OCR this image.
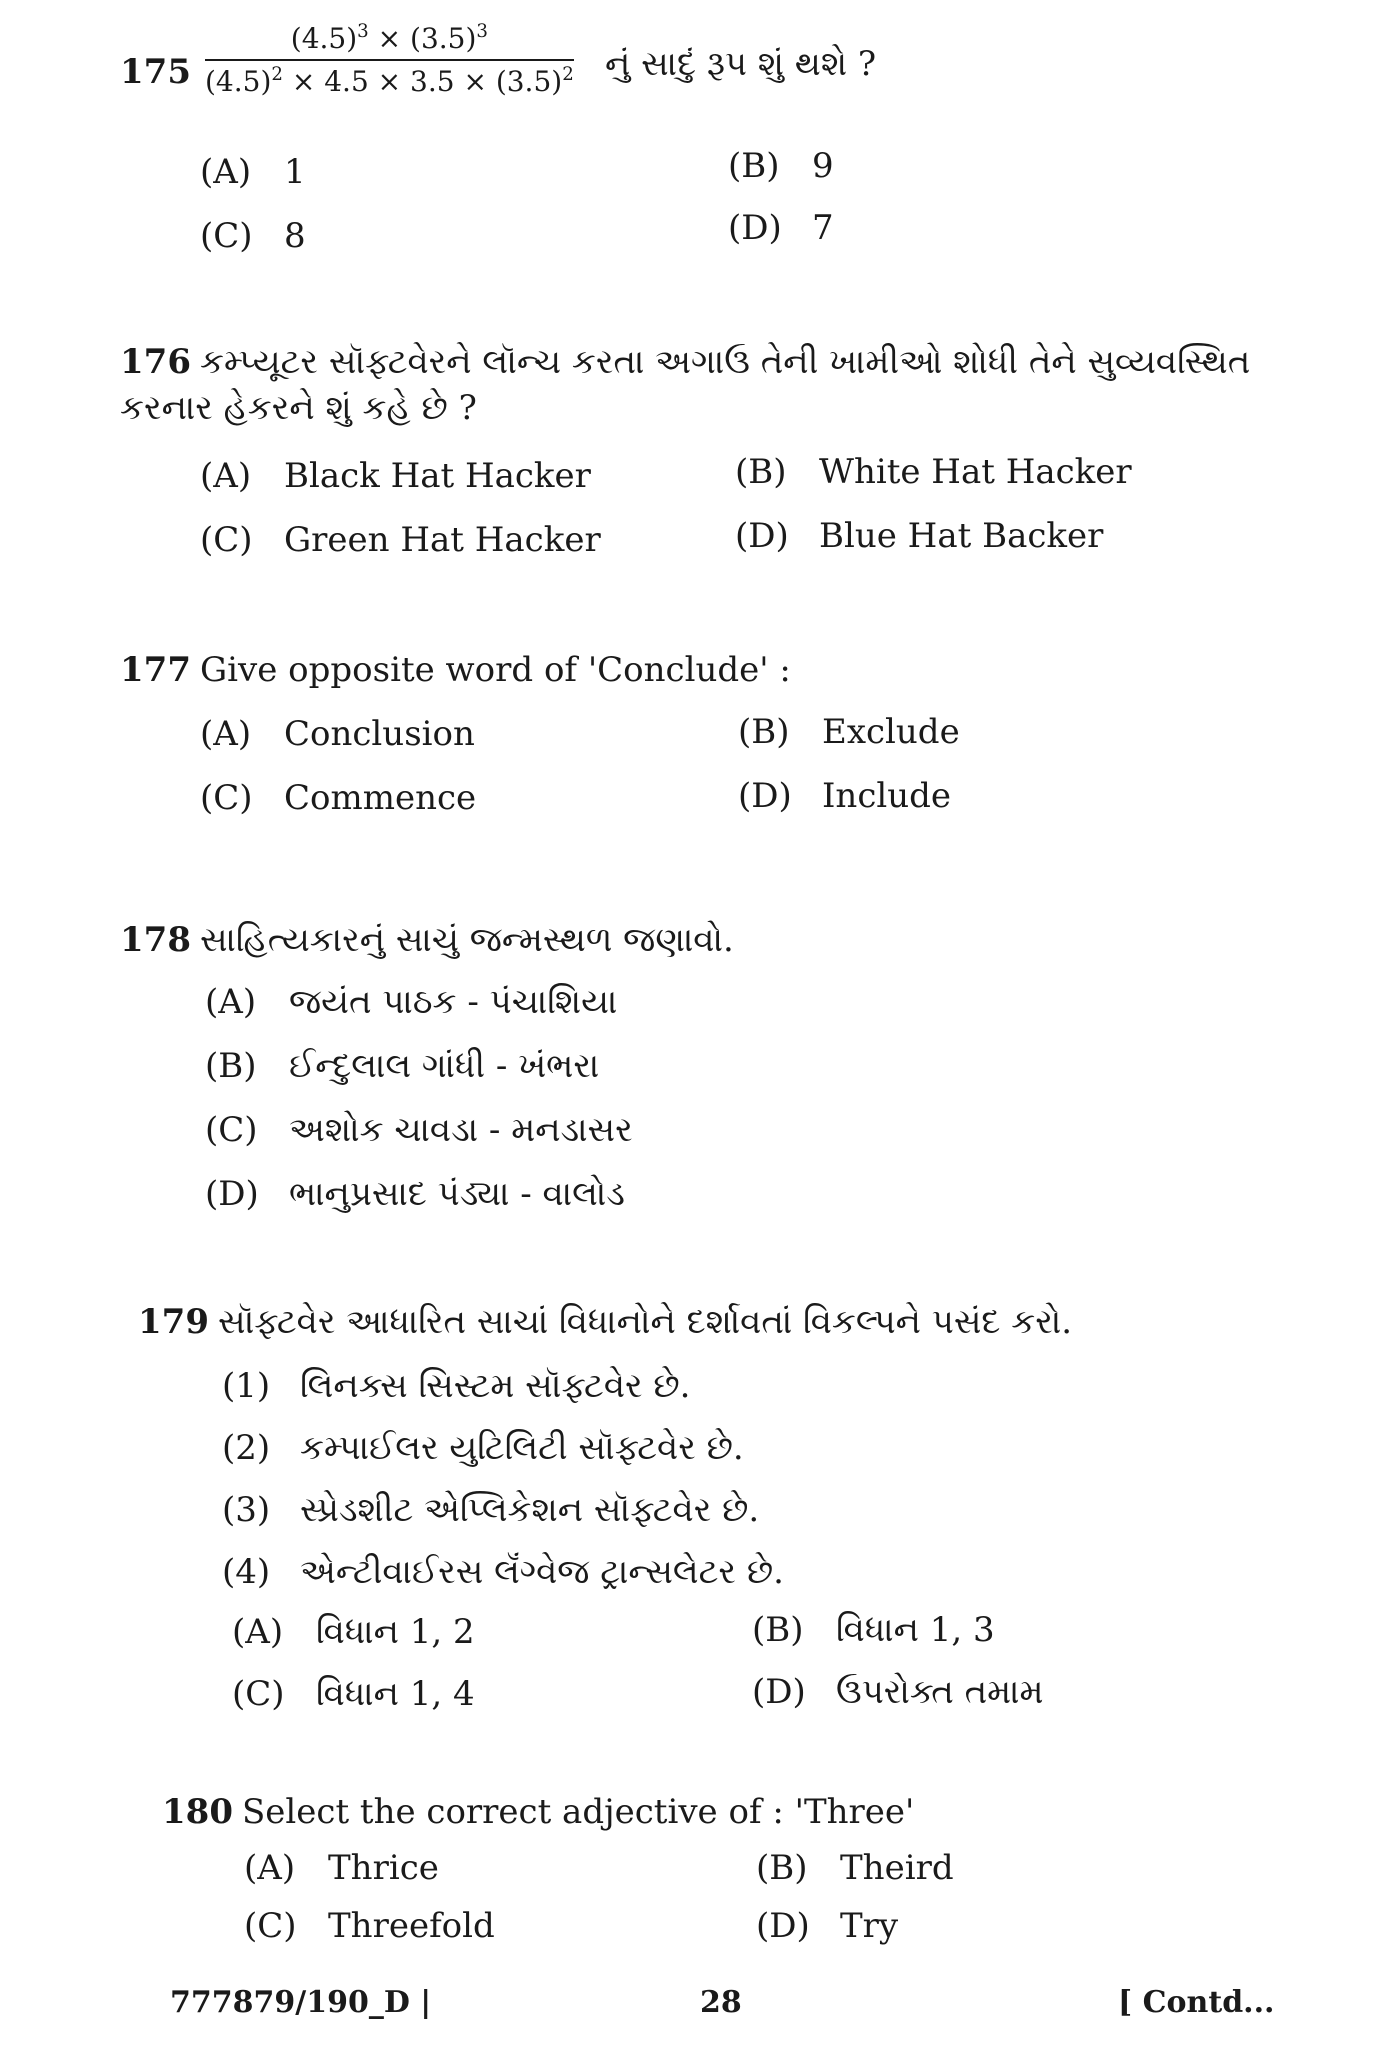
$175 \frac{(4.5)^3 \times (3.5)^3}{(4.5)^2 \times 4.5 \times 3.5 \times (3.5)^2}$ નું સાદું રૂપ શું થશે ?
(A) 1	(B) 9
(C) 8	(D) 7
176 કમ્પ્યૂટર સૉફ્ટવેરને લૉન્ચ કરતા અગાઉ તેની ખામીઓ શોધી તેને સુવ્યવસ્થિત કરનાર હેકરને શું કહે છે ?
(A) Black Hat Hacker	(B) White Hat Hacker
(C) Green Hat Hacker	(D) Blue Hat Backer
177 Give opposite word of 'Conclude' :
(A) Conclusion	(B) Exclude
(C) Commence	(D) Include
178 સાહિત્યકારનું સાચું જન્મસ્થળ જણાવો.
(A) જયંત પાઠક - પંચાશિયા
(B) ઈન્દુલાલ ગાંધી - ખંભરા
(C) અશોક ચાવડા - મનડાસર
(D) ભાનુપ્રસાદ પંડ્યા - વાલોડ
179 સૉફ્ટવેર આધારિત સાચાં વિધાનોને દર્શાવતાં વિકલ્પને પસંદ કરો.
(1) લિનક્સ સિસ્ટમ સૉફ્ટવેર છે.
(2) કમ્પાઈલર યુટિલિટી સૉફ્ટવેર છે.
(3) સ્પ્રેડશીટ એપ્લિકેશન સૉફ્ટવેર છે.
(4) એન્ટીવાઈરસ લૅંગ્વેજ ટ્રાન્સલેટર છે.
(A) વિધાન 1, 2	(B) વિધાન 1, 3
(C) વિધાન 1, 4	(D) ઉપરોક્ત તમામ
180 Select the correct adjective of : 'Three'
(A) Thrice	(B) Theird
(C) Threefold	(D) Try
777879/190_D |	28	[ Contd...
